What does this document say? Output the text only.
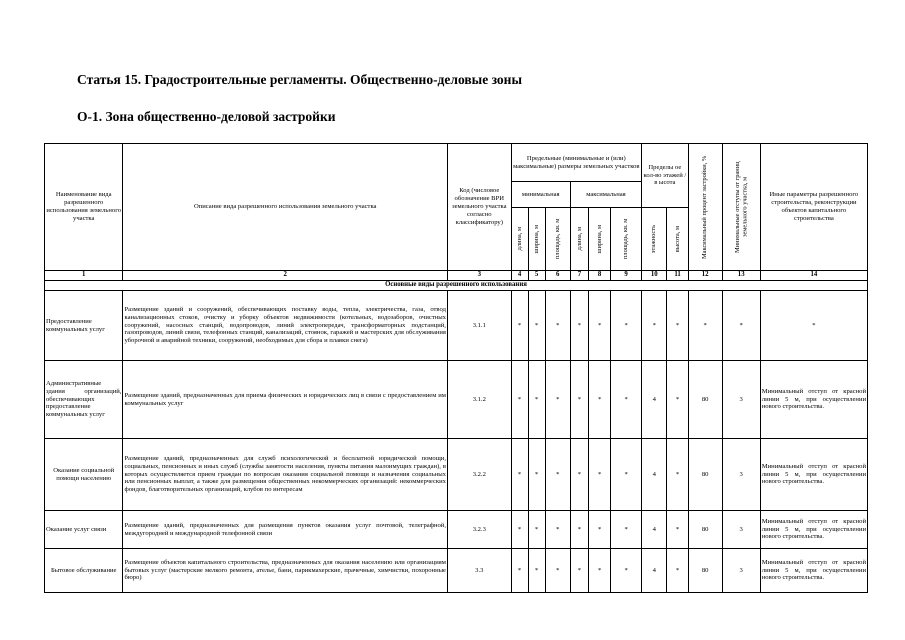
Статья 15. Градостроительные регламенты. Общественно-деловые зоны
О-1. Зона общественно-деловой застройки
Наименование вида разрешенного использования земельного участка	Описание вида разрешенного использования земельного участка	Код (числовое обозначение ВРИ земельного участка согласно классификатору)	Предельные (минимальные и (или) максимальные) размеры земельных участков						Пределы ое кол-во этажей /в ысота		Максимальный процент застройки, %	Минимальные отступы от границ земельного участка, м	Иные параметры разрешенного строительства, реконструкции объектов капитального строительства
			минимальная			максимальная							

			длина, м	ширина, м	площадь, кв. м	длина, м	ширина, м	площадь, кв. м	этажность	высота, м			

1	2	3	4	5	6	7	8	9	10	11	12	13	14
Основные виды разрешенного использования													
Предоставление коммунальных услуг	Размещение зданий и сооружений, обеспечивающих поставку воды, тепла, электричества, газа, отвод канализационных стоков, очистку и уборку объектов недвижимости (котельных, водозаборов, очистных сооружений, насосных станций, водопроводов, линий электропередач, трансформаторных подстанций, газопроводов, линий связи, телефонных станций, канализаций, стоянок, гаражей и мастерских для обслуживания уборочной и аварийной техники, сооружений, необходимых для сбора и плавки снега)	3.1.1	*	*	*	*	*	*	*	*	*	*	*
Административные здания организаций, обеспечивающих предоставление коммунальных услуг	Размещение зданий, предназначенных для приема физических и юридических лиц в связи с предоставлением им коммунальных услуг	3.1.2	*	*	*	*	*	*	4	*	80	3	Минимальный отступ от красной линии 5 м, при осуществлении нового строительства.
Оказание социальной помощи населению	Размещение зданий, предназначенных для служб психологической и бесплатной юридической помощи, социальных, пенсионных и иных служб (службы занятости населения, пункты питания малоимущих граждан), в которых осуществляется прием граждан по вопросам оказания социальной помощи и назначения социальных или пенсионных выплат, а также для размещения общественных некоммерческих организаций: некоммерческих фондов, благотворительных организаций, клубов по интересам	3.2.2	*	*	*	*	*	*	4	*	80	3	Минимальный отступ от красной линии 5 м, при осуществлении нового строительства.
Оказание услуг связи	Размещение зданий, предназначенных для размещения пунктов оказания услуг почтовой, телеграфной, междугородней и международной телефонной связи	3.2.3	*	*	*	*	*	*	4	*	80	3	Минимальный отступ от красной линии 5 м, при осуществлении нового строительства.
Бытовое обслуживание	Размещение объектов капитального строительства, предназначенных для оказания населению или организациям бытовых услуг (мастерские мелкого ремонта, ателье, бани, парикмахерские, прачечные, химчистки, похоронные бюро)	3.3	*	*	*	*	*	*	4	*	80	3	Минимальный отступ от красной линии 5 м, при осуществлении нового строительства.
